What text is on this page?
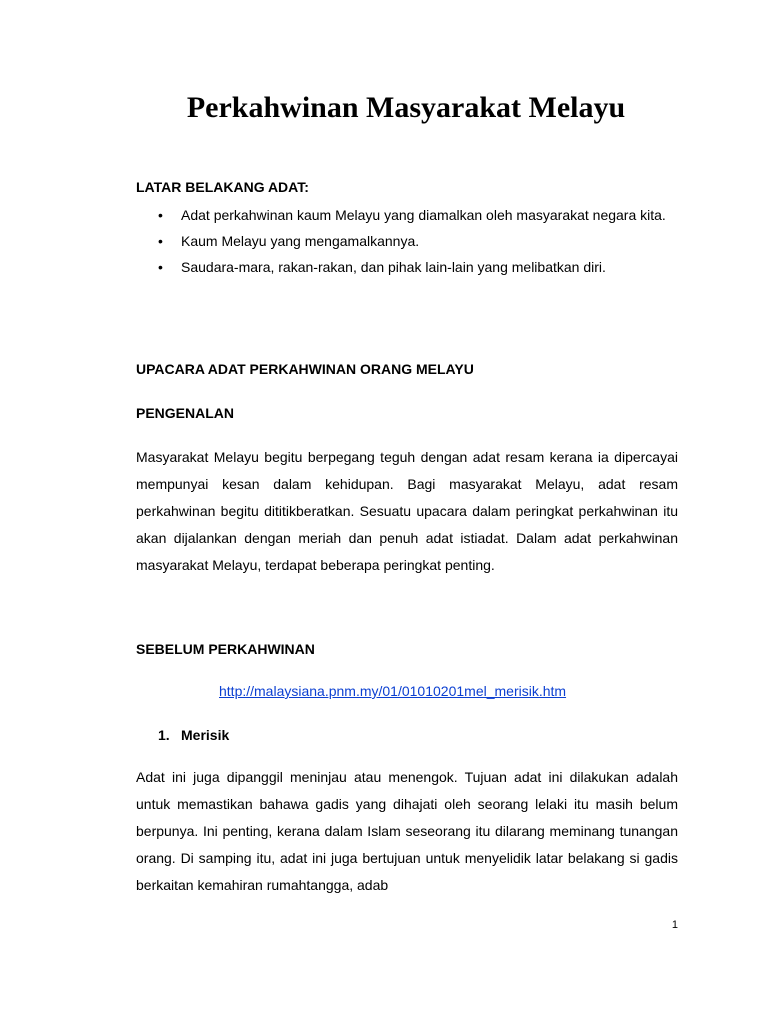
Perkahwinan Masyarakat Melayu
LATAR BELAKANG ADAT:
• Adat perkahwinan kaum Melayu yang diamalkan oleh masyarakat negara kita.
• Kaum Melayu yang mengamalkannya.
• Saudara-mara, rakan-rakan, dan pihak lain-lain yang melibatkan diri.
UPACARA ADAT PERKAHWINAN ORANG MELAYU
PENGENALAN

Masyarakat Melayu begitu berpegang teguh dengan adat resam kerana ia dipercayai mempunyai kesan dalam kehidupan. Bagi masyarakat Melayu, adat resam perkahwinan begitu dititikberatkan. Sesuatu upacara dalam peringkat perkahwinan itu akan dijalankan dengan meriah dan penuh adat istiadat. Dalam adat perkahwinan masyarakat Melayu, terdapat beberapa peringkat penting.

SEBELUM PERKAHWINAN
http://malaysiana.pnm.my/01/01010201mel_merisik.htm
1. Merisik

Adat ini juga dipanggil meninjau atau menengok. Tujuan adat ini dilakukan adalah untuk memastikan bahawa gadis yang dihajati oleh seorang lelaki itu masih belum berpunya. Ini penting, kerana dalam Islam seseorang itu dilarang meminang tunangan orang. Di samping itu, adat ini juga bertujuan untuk menyelidik latar belakang si gadis berkaitan kemahiran rumahtangga, adab

1
